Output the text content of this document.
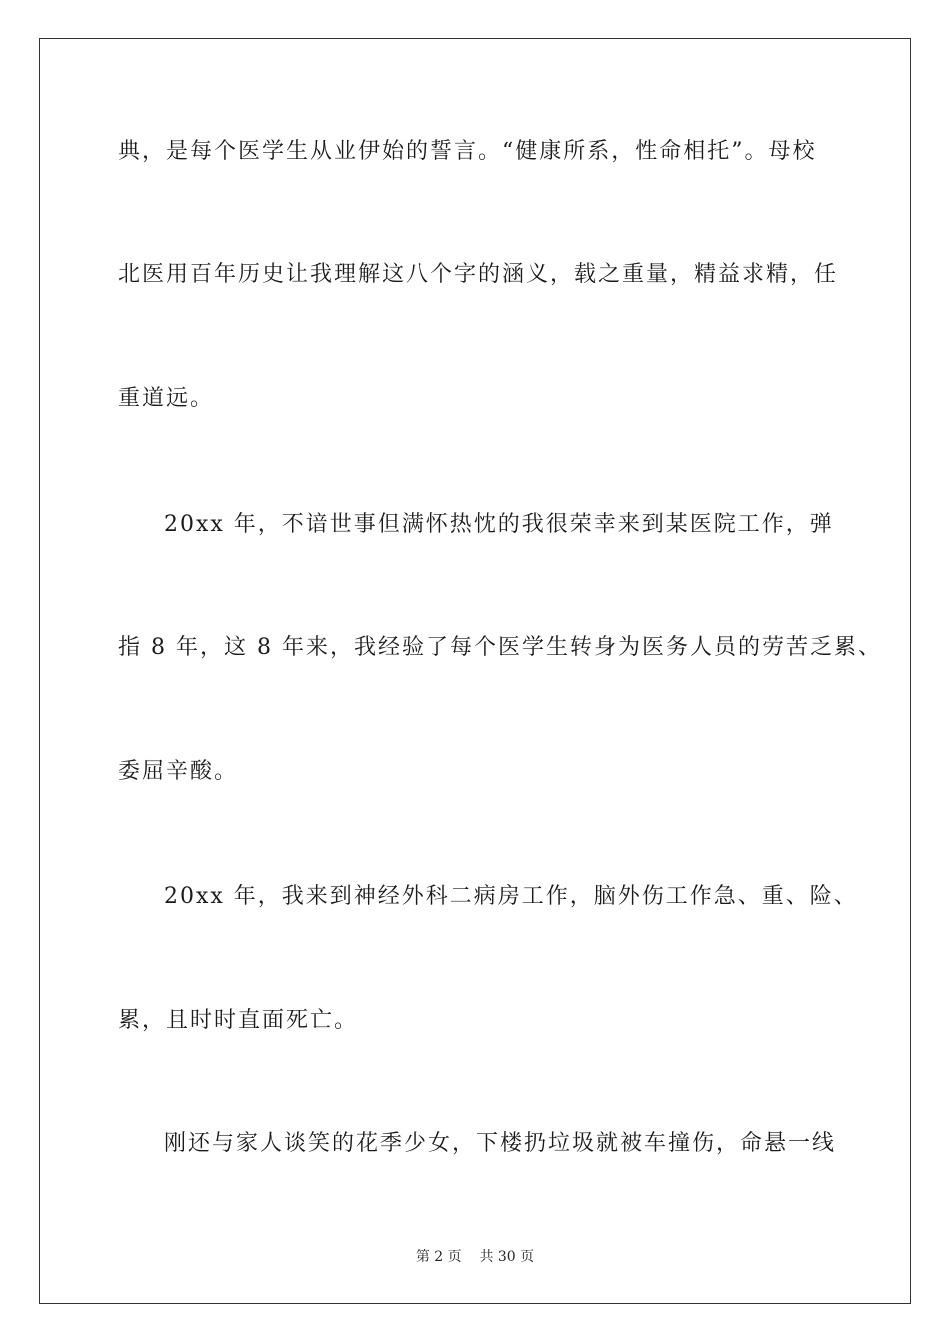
典，是每个医学生从业伊始的誓言。“健康所系，性命相托”。母校
北医用百年历史让我理解这八个字的涵义，载之重量，精益求精，任
重道远。
20xx 年，不谙世事但满怀热忱的我很荣幸来到某医院工作，弹
指 8 年，这 8 年来，我经验了每个医学生转身为医务人员的劳苦乏累、
委屈辛酸。
20xx 年，我来到神经外科二病房工作，脑外伤工作急、重、险、
累，且时时直面死亡。
刚还与家人谈笑的花季少女，下楼扔垃圾就被车撞伤，命悬一线
第 2 页 共 30 页
